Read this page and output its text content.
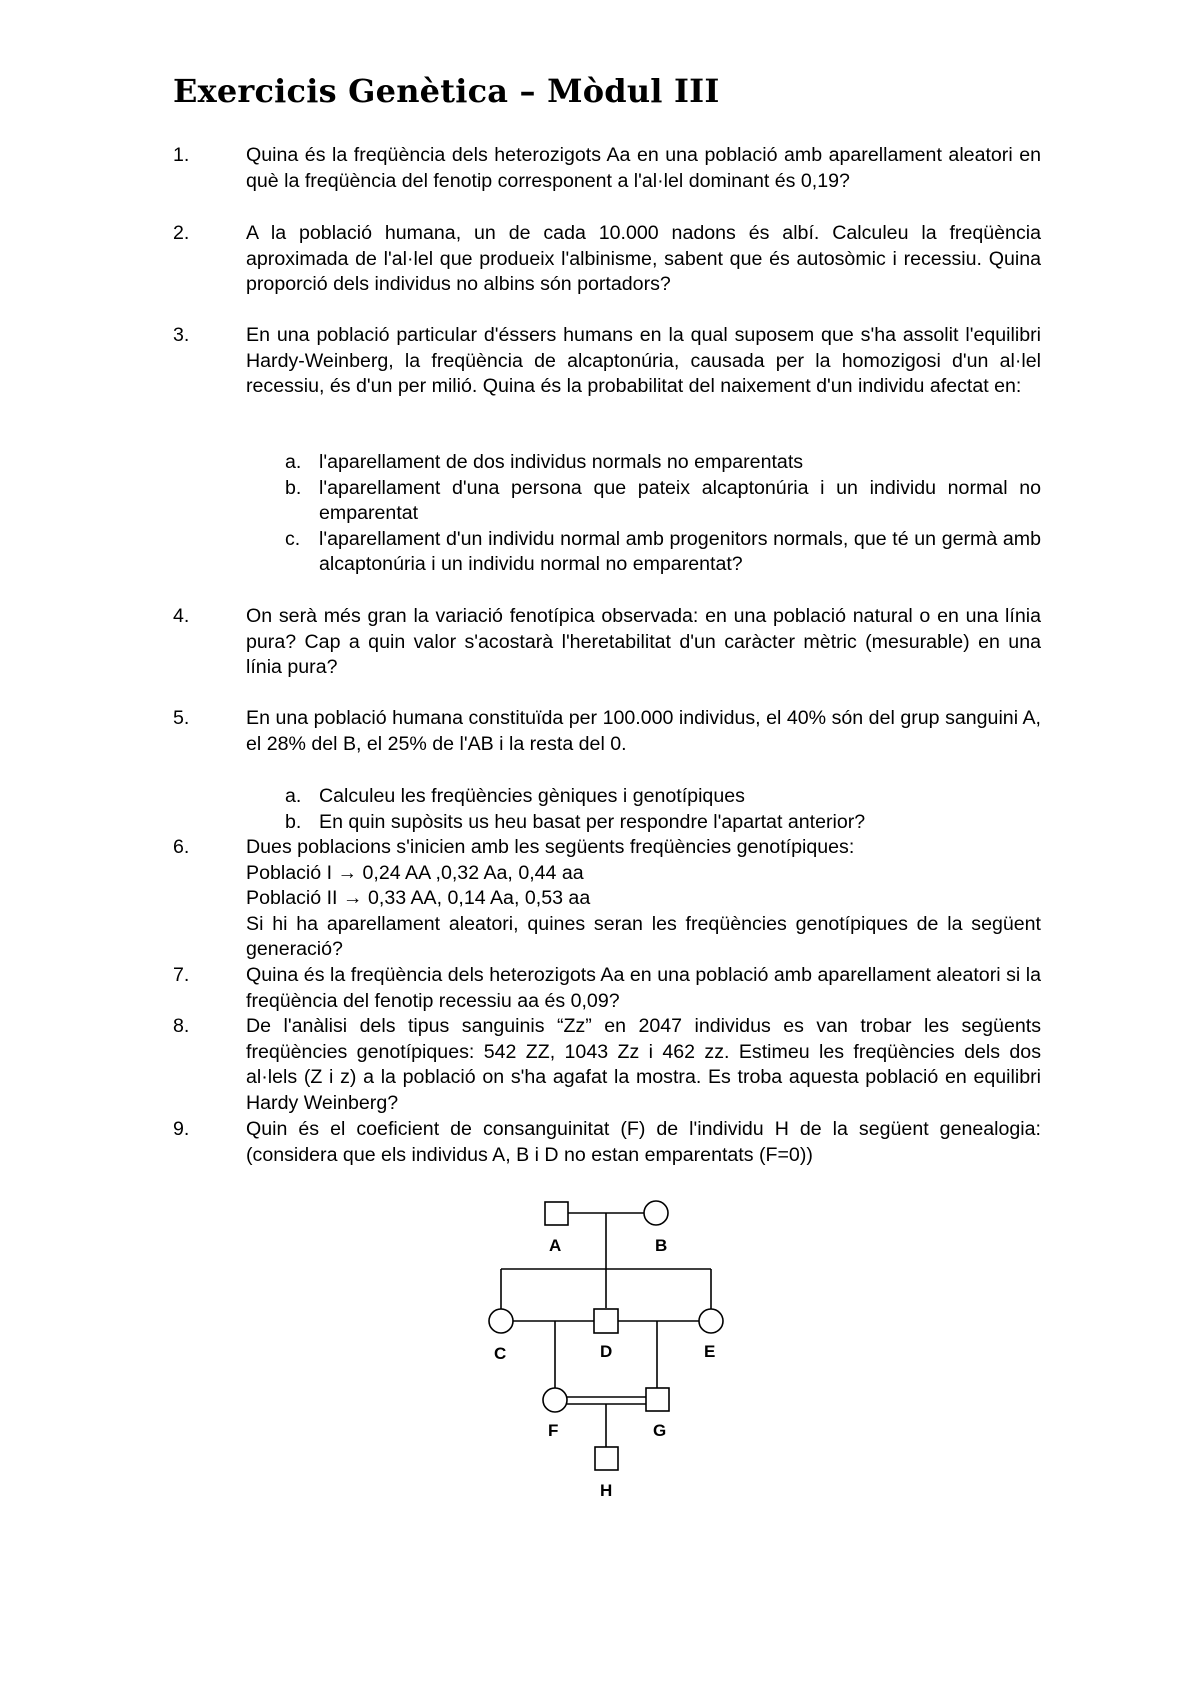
Exercicis Genètica – Mòdul III
1.	Quina és la freqüència dels heterozigots Aa en una població amb aparellament aleatori en què la freqüència del fenotip corresponent a l'al·lel dominant és 0,19?
2.	A la població humana, un de cada 10.000 nadons és albí. Calculeu la freqüència aproximada de l'al·lel que produeix l'albinisme, sabent que és autosòmic i recessiu. Quina proporció dels individus no albins són portadors?
3.	En una població particular d'éssers humans en la qual suposem que s'ha assolit l'equilibri Hardy-Weinberg, la freqüència de alcaptonúria, causada per la homozigosi d'un al·lel recessiu, és d'un per milió. Quina és la probabilitat del naixement d'un individu afectat en:
a. l'aparellament de dos individus normals no emparentats
b. l'aparellament d'una persona que pateix alcaptonúria i un individu normal no emparentat
c. l'aparellament d'un individu normal amb progenitors normals, que té un germà amb alcaptonúria i un individu normal no emparentat?
4.	On serà més gran la variació fenotípica observada: en una població natural o en una línia pura? Cap a quin valor s'acostarà l'heretabilitat d'un caràcter mètric (mesurable) en una línia pura?
5.	En una població humana constituïda per 100.000 individus, el 40% són del grup sanguini A, el 28% del B, el 25% de l'AB i la resta del 0.
a. Calculeu les freqüències gèniques i genotípiques
b. En quin supòsits us heu basat per respondre l'apartat anterior?
6.	Dues poblacions s'inicien amb les següents freqüències genotípiques:

Població I → 0,24 AA ,0,32 Aa, 0,44 aa

Població II → 0,33 AA, 0,14 Aa, 0,53 aa

Si hi ha aparellament aleatori, quines seran les freqüències genotípiques de la següent generació?

7.	Quina és la freqüència dels heterozigots Aa en una població amb aparellament aleatori si la freqüència del fenotip recessiu aa és 0,09?
8.	De l'anàlisi dels tipus sanguinis “Zz” en 2047 individus es van trobar les següents freqüències genotípiques: 542 ZZ, 1043 Zz i 462 zz. Estimeu les freqüències dels dos al·lels (Z i z) a la població on s'ha agafat la mostra. Es troba aquesta població en equilibri Hardy Weinberg?
9.	Quin és el coeficient de consanguinitat (F) de l'individu H de la següent genealogia: (considera que els individus A, B i D no estan emparentats (F=0))
A	B
C	D	E
F	G
H
